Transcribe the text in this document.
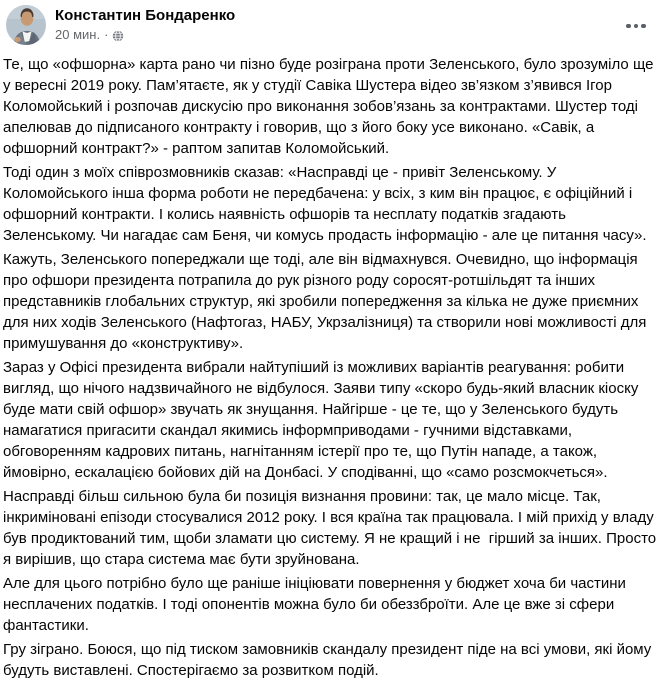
Константин Бондаренко
20 мин. ·

Те, що «офшорна» карта рано чи пізно буде розіграна проти Зеленського, було зрозуміло ще у вересні 2019 року. Пам’ятаєте, як у студії Савіка Шустера відео зв’язком з’явився Ігор Коломойський і розпочав дискусію про виконання зобов’язань за контрактами. Шустер тоді апелював до підписаного контракту і говорив, що з його боку усе виконано. «Савік, а офшорний контракт?» - раптом запитав Коломойський.

Тоді один з моїх співрозмовників сказав: «Насправді це - привіт Зеленському. У Коломойського інша форма роботи не передбачена: у всіх, з ким він працює, є офіційний і офшорний контракти. І колись наявність офшорів та несплату податків згадають Зеленському. Чи нагадає сам Беня, чи комусь продасть інформацію - але це питання часу».

Кажуть, Зеленського попереджали ще тоді, але він відмахнувся. Очевидно, що інформація про офшори президента потрапила до рук різного роду соросят-ротшільдят та інших представників глобальних структур, які зробили попередження за кілька не дуже приємних для них ходів Зеленського (Нафтогаз, НАБУ, Укрзалізниця) та створили нові можливості для примушування до «конструктиву».

Зараз у Офісі президента вибрали найтупіший із можливих варіантів реагування: робити вигляд, що нічого надзвичайного не відбулося. Заяви типу «скоро будь-який власник кіоску буде мати свій офшор» звучать як знущання. Найгірше - це те, що у Зеленського будуть намагатися пригасити скандал якимись інформприводами - гучними відставками, обговоренням кадрових питань, нагнітанням істерії про те, що Путін нападе, а також, ймовірно, ескалацією бойових дій на Донбасі. У сподіванні, що «само розсмокчеться».

Насправді більш сильною була би позиція визнання провини: так, це мало місце. Так, інкриміновані епізоди стосувалися 2012 року. І вся країна так працювала. І мій прихід у владу був продиктований тим, щоби зламати цю систему. Я не кращий і не  гірший за інших. Просто я вирішив, що стара система має бути зруйнована.

Але для цього потрібно було ще раніше ініціювати повернення у бюджет хоча би частини несплачених податків. І тоді опонентів можна було би обеззброїти. Але це вже зі сфери фантастики.

Гру зіграно. Боюся, що під тиском замовників скандалу президент піде на всі умови, які йому будуть виставлені. Спостерігаємо за розвитком подій.
